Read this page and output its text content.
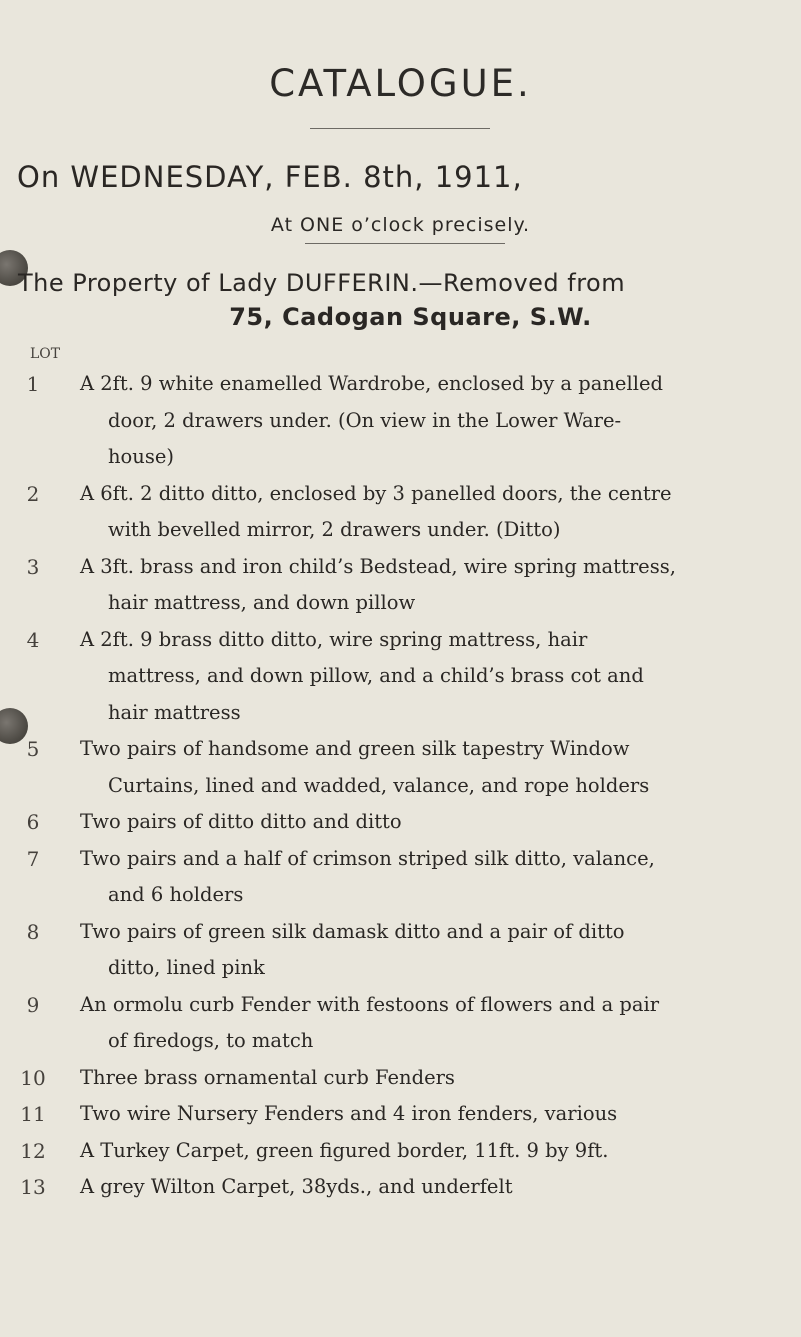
CATALOGUE.
On WEDNESDAY, FEB. 8th, 1911,
At ONE o’clock precisely.
The Property of Lady DUFFERIN.—Removed from
75, Cadogan Square, S.W.
LOT
1	A 2ft. 9 white enamelled Wardrobe, enclosed by a panelled
door, 2 drawers under. (On view in the Lower Ware-
house)
2	A 6ft. 2 ditto ditto, enclosed by 3 panelled doors, the centre
with bevelled mirror, 2 drawers under. (Ditto)
3	A 3ft. brass and iron child’s Bedstead, wire spring mattress,
hair mattress, and down pillow
4	A 2ft. 9 brass ditto ditto, wire spring mattress, hair
mattress, and down pillow, and a child’s brass cot and
hair mattress
5	Two pairs of handsome and green silk tapestry Window
Curtains, lined and wadded, valance, and rope holders
6	Two pairs of ditto ditto and ditto
7	Two pairs and a half of crimson striped silk ditto, valance,
and 6 holders
8	Two pairs of green silk damask ditto and a pair of ditto
ditto, lined pink
9	An ormolu curb Fender with festoons of flowers and a pair
of firedogs, to match
10	Three brass ornamental curb Fenders
11	Two wire Nursery Fenders and 4 iron fenders, various
12	A Turkey Carpet, green figured border, 11ft. 9 by 9ft.
13	A grey Wilton Carpet, 38yds., and underfelt
